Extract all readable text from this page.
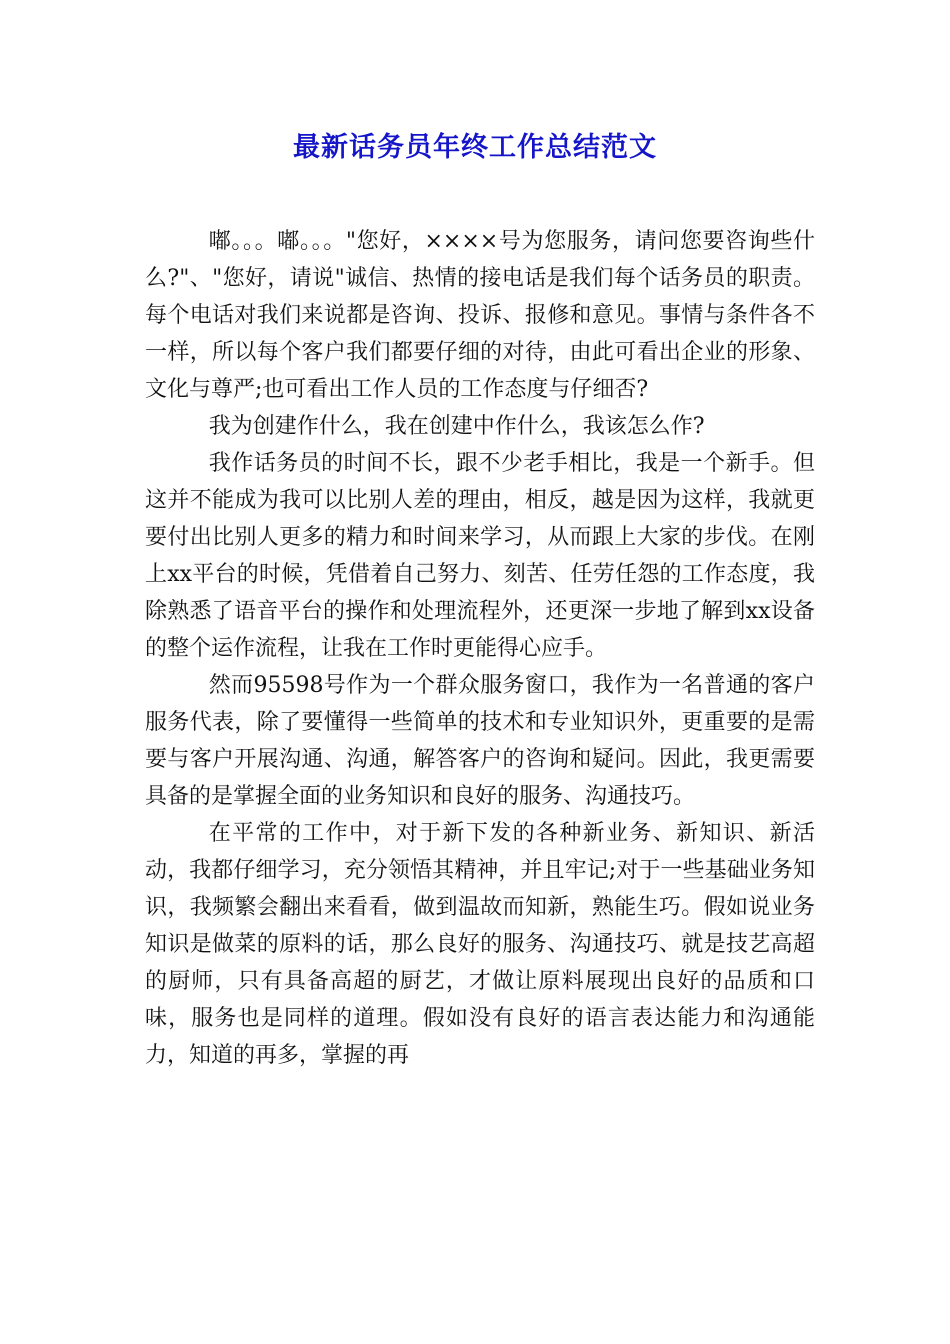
最新话务员年终工作总结范文

嘟。。。嘟。。。"您好，××××号为您服务，请问您要咨询些什么?"、"您好，请说"诚信、热情的接电话是我们每个话务员的职责。每个电话对我们来说都是咨询、投诉、报修和意见。事情与条件各不一样，所以每个客户我们都要仔细的对待，由此可看出企业的形象、文化与尊严;也可看出工作人员的工作态度与仔细否?

我为创建作什么，我在创建中作什么，我该怎么作?

我作话务员的时间不长，跟不少老手相比，我是一个新手。但这并不能成为我可以比别人差的理由，相反，越是因为这样，我就更要付出比别人更多的精力和时间来学习，从而跟上大家的步伐。在刚上xx平台的时候，凭借着自己努力、刻苦、任劳任怨的工作态度，我除熟悉了语音平台的操作和处理流程外，还更深一步地了解到xx设备的整个运作流程，让我在工作时更能得心应手。

然而95598号作为一个群众服务窗口，我作为一名普通的客户服务代表，除了要懂得一些简单的技术和专业知识外，更重要的是需要与客户开展沟通、沟通，解答客户的咨询和疑问。因此，我更需要具备的是掌握全面的业务知识和良好的服务、沟通技巧。

在平常的工作中，对于新下发的各种新业务、新知识、新活动，我都仔细学习，充分领悟其精神，并且牢记;对于一些基础业务知识，我频繁会翻出来看看，做到温故而知新，熟能生巧。假如说业务知识是做菜的原料的话，那么良好的服务、沟通技巧、就是技艺高超的厨师，只有具备高超的厨艺，才做让原料展现出良好的品质和口味，服务也是同样的道理。假如没有良好的语言表达能力和沟通能力，知道的再多，掌握的再
